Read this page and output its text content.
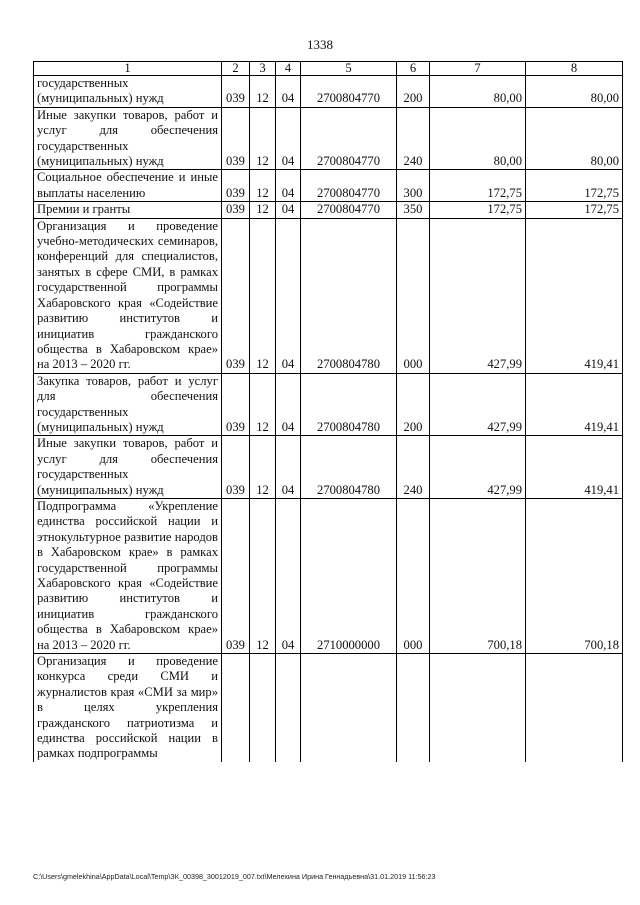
1338
1	2	3	4	5	6	7	8
государственных (муниципальных) нужд	039	12	04	2700804770	200	80,00	80,00
Иные закупки товаров, работ и услуг для обеспечения государственных (муниципальных) нужд	039	12	04	2700804770	240	80,00	80,00
Социальное обеспечение и иные выплаты населению	039	12	04	2700804770	300	172,75	172,75
Премии и гранты	039	12	04	2700804770	350	172,75	172,75
Организация и проведение учебно-методических семинаров, конференций для специалистов, занятых в сфере СМИ, в рамках государственной программы Хабаровского края «Содействие развитию институтов и инициатив гражданского общества в Хабаровском крае» на 2013 – 2020 гг.	039	12	04	2700804780	000	427,99	419,41
Закупка товаров, работ и услуг для обеспечения государственных (муниципальных) нужд	039	12	04	2700804780	200	427,99	419,41
Иные закупки товаров, работ и услуг для обеспечения государственных (муниципальных) нужд	039	12	04	2700804780	240	427,99	419,41
Подпрограмма «Укрепление единства российской нации и этнокультурное развитие народов в Хабаровском крае» в рамках государственной программы Хабаровского края «Содействие развитию институтов и инициатив гражданского общества в Хабаровском крае» на 2013 – 2020 гг.	039	12	04	2710000000	000	700,18	700,18
Организация и проведение конкурса среди СМИ и журналистов края «СМИ за мир» в целях укрепления гражданского патриотизма и единства российской нации в рамках подпрограммы							
C:\Users\gmelekhina\AppData\Local\Temp\ЗК_00398_30012019_007.txt\Мелехина Ирина Геннадьевна\31.01.2019 11:56:23
